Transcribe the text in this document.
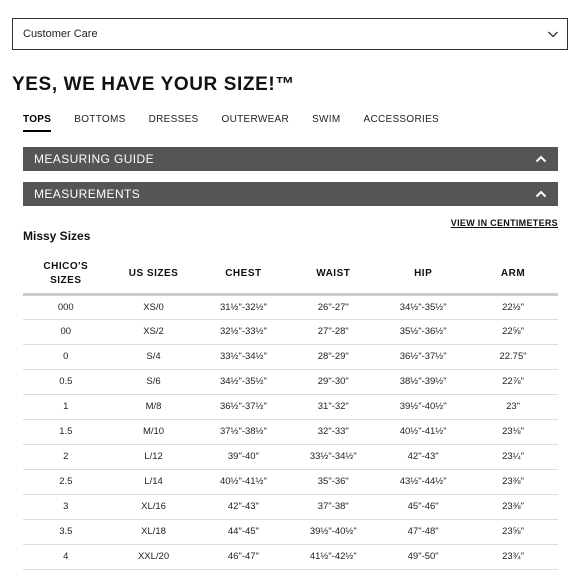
Customer Care
YES, WE HAVE YOUR SIZE!™
TOPS BOTTOMS DRESSES OUTERWEAR SWIM ACCESSORIES
MEASURING GUIDE
MEASUREMENTS
VIEW IN CENTIMETERS
Missy Sizes
CHICO'S SIZES	US SIZES	CHEST	WAIST	HIP	ARM
000	XS/0	31½"-32½"	26"-27"	34½"-35½"	22½"
00	XS/2	32½"-33½"	27"-28"	35½"-36½"	22⅝"
0	S/4	33½"-34½"	28"-29"	36½"-37½"	22.75"
0.5	S/6	34½"-35½"	29"-30"	38½"-39½"	22⅞"
1	M/8	36½"-37½"	31"-32"	39½"-40½"	23"
1.5	M/10	37½"-38½"	32"-33"	40½"-41½"	23⅛"
2	L/12	39"-40"	33½"-34½"	42"-43"	23¼"
2.5	L/14	40½"-41½"	35"-36"	43½"-44½"	23⅜"
3	XL/16	42"-43"	37"-38"	45"-46"	23⅜"
3.5	XL/18	44"-45"	39½"-40½"	47"-48"	23⅝"
4	XXL/20	46"-47"	41½"-42½"	49"-50"	23¾"
